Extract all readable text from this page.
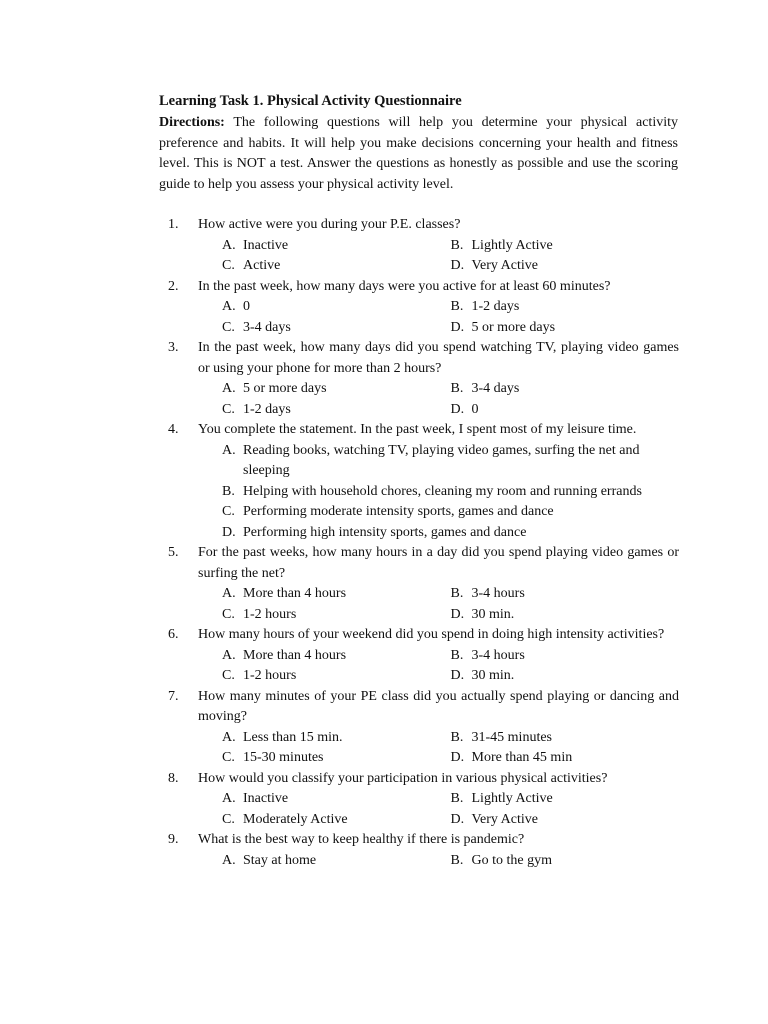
Learning Task 1. Physical Activity Questionnaire
Directions: The following questions will help you determine your physical activity preference and habits. It will help you make decisions concerning your health and fitness level. This is NOT a test. Answer the questions as honestly as possible and use the scoring guide to help you assess your physical activity level.
1. How active were you during your P.E. classes?
A. Inactive	B. Lightly Active
C. Active	D. Very Active
2. In the past week, how many days were you active for at least 60 minutes?
A. 0	B. 1-2 days
C. 3-4 days	D. 5 or more days
3. In the past week, how many days did you spend watching TV, playing video games or using your phone for more than 2 hours?
A. 5 or more days	B. 3-4 days
C. 1-2 days	D. 0
4. You complete the statement. In the past week, I spent most of my leisure time.
A. Reading books, watching TV, playing video games, surfing the net and sleeping
B. Helping with household chores, cleaning my room and running errands
C. Performing moderate intensity sports, games and dance
D. Performing high intensity sports, games and dance
5. For the past weeks, how many hours in a day did you spend playing video games or surfing the net?
A. More than 4 hours	B. 3-4 hours
C. 1-2 hours	D. 30 min.
6. How many hours of your weekend did you spend in doing high intensity activities?
A. More than 4 hours	B. 3-4 hours
C. 1-2 hours	D. 30 min.
7. How many minutes of your PE class did you actually spend playing or dancing and moving?
A. Less than 15 min.	B. 31-45 minutes
C. 15-30 minutes	D. More than 45 min
8. How would you classify your participation in various physical activities?
A. Inactive	B. Lightly Active
C. Moderately Active	D. Very Active
9. What is the best way to keep healthy if there is pandemic?
A. Stay at home	B. Go to the gym
